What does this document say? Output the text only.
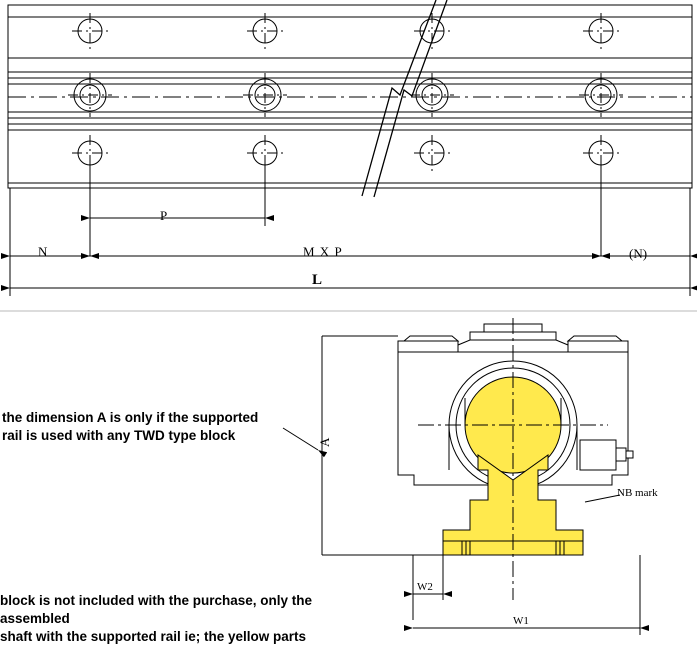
P
N	M X P	(N)
L
A
W2
W1
NB mark
the dimension A is only if the supported
rail is used with any TWD type block
block is not included with the purchase, only the assembled
shaft with the supported rail ie; the yellow parts
